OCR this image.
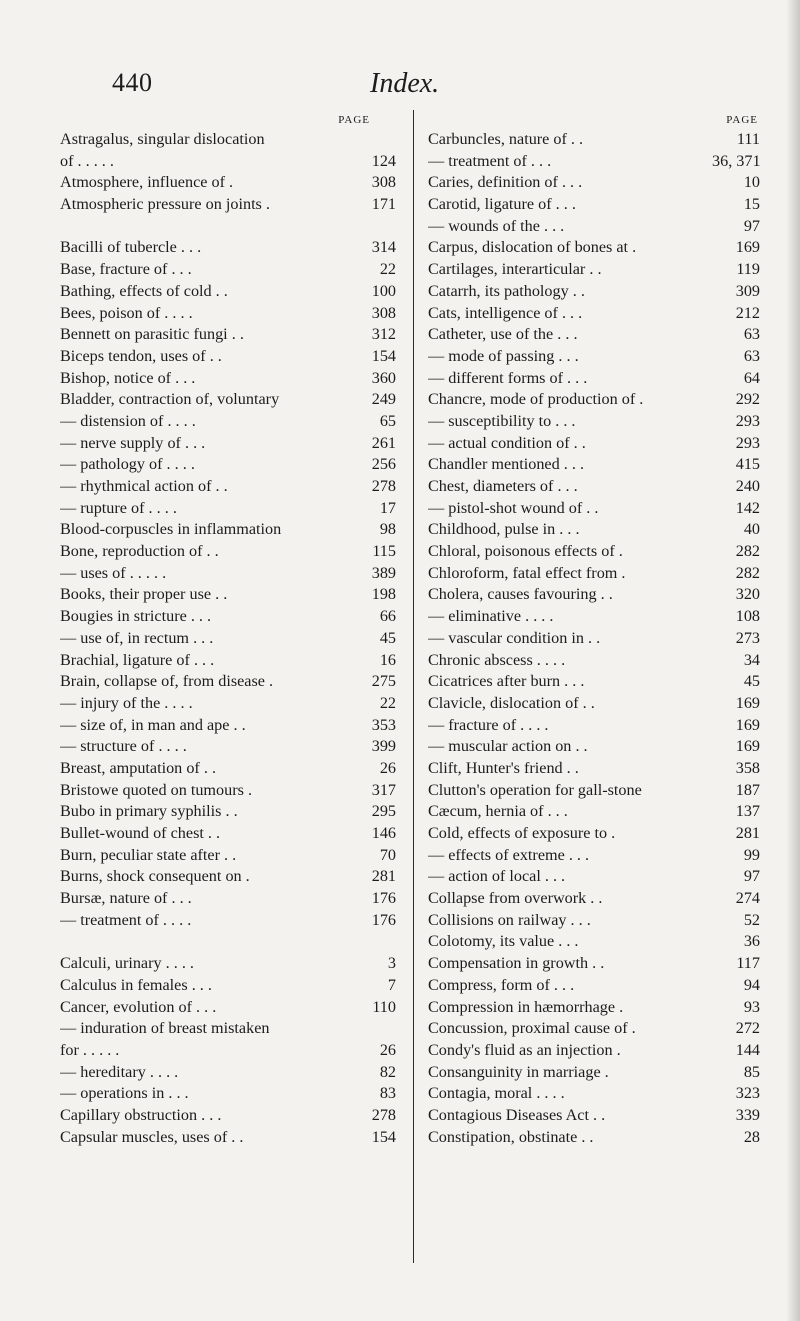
440	Index.
PAGE
Astragalus, singular dislocation
of . . . . .	124
Atmosphere, influence of .	308
Atmospheric pressure on joints .	171
Bacilli of tubercle . . .	314
Base, fracture of . . .	22
Bathing, effects of cold . .	100
Bees, poison of . . . .	308
Bennett on parasitic fungi . .	312
Biceps tendon, uses of . .	154
Bishop, notice of . . .	360
Bladder, contraction of, voluntary	249
— distension of . . . .	65
— nerve supply of . . .	261
— pathology of . . . .	256
— rhythmical action of . .	278
— rupture of . . . .	17
Blood-corpuscles in inflammation	98
Bone, reproduction of . .	115
— uses of . . . . .	389
Books, their proper use . .	198
Bougies in stricture . . .	66
— use of, in rectum . . .	45
Brachial, ligature of . . .	16
Brain, collapse of, from disease .	275
— injury of the . . . .	22
— size of, in man and ape . .	353
— structure of . . . .	399
Breast, amputation of . .	26
Bristowe quoted on tumours .	317
Bubo in primary syphilis . .	295
Bullet-wound of chest . .	146
Burn, peculiar state after . .	70
Burns, shock consequent on .	281
Bursæ, nature of . . .	176
— treatment of . . . .	176
Calculi, urinary . . . .	3
Calculus in females . . .	7
Cancer, evolution of . . .	110
— induration of breast mistaken
for . . . . .	26
— hereditary . . . .	82
— operations in . . .	83
Capillary obstruction . . .	278
Capsular muscles, uses of . .	154
PAGE
Carbuncles, nature of . .	111
— treatment of . . .	36, 371
Caries, definition of . . .	10
Carotid, ligature of . . .	15
— wounds of the . . .	97
Carpus, dislocation of bones at .	169
Cartilages, interarticular . .	119
Catarrh, its pathology . .	309
Cats, intelligence of . . .	212
Catheter, use of the . . .	63
— mode of passing . . .	63
— different forms of . . .	64
Chancre, mode of production of .	292
— susceptibility to . . .	293
— actual condition of . .	293
Chandler mentioned . . .	415
Chest, diameters of . . .	240
— pistol-shot wound of . .	142
Childhood, pulse in . . .	40
Chloral, poisonous effects of .	282
Chloroform, fatal effect from .	282
Cholera, causes favouring . .	320
— eliminative . . . .	108
— vascular condition in . .	273
Chronic abscess . . . .	34
Cicatrices after burn . . .	45
Clavicle, dislocation of . .	169
— fracture of . . . .	169
— muscular action on . .	169
Clift, Hunter's friend . .	358
Clutton's operation for gall-stone	187
Cæcum, hernia of . . .	137
Cold, effects of exposure to .	281
— effects of extreme . . .	99
— action of local . . .	97
Collapse from overwork . .	274
Collisions on railway . . .	52
Colotomy, its value . . .	36
Compensation in growth . .	117
Compress, form of . . .	94
Compression in hæmorrhage .	93
Concussion, proximal cause of .	272
Condy's fluid as an injection .	144
Consanguinity in marriage .	85
Contagia, moral . . . .	323
Contagious Diseases Act . .	339
Constipation, obstinate . .	28
